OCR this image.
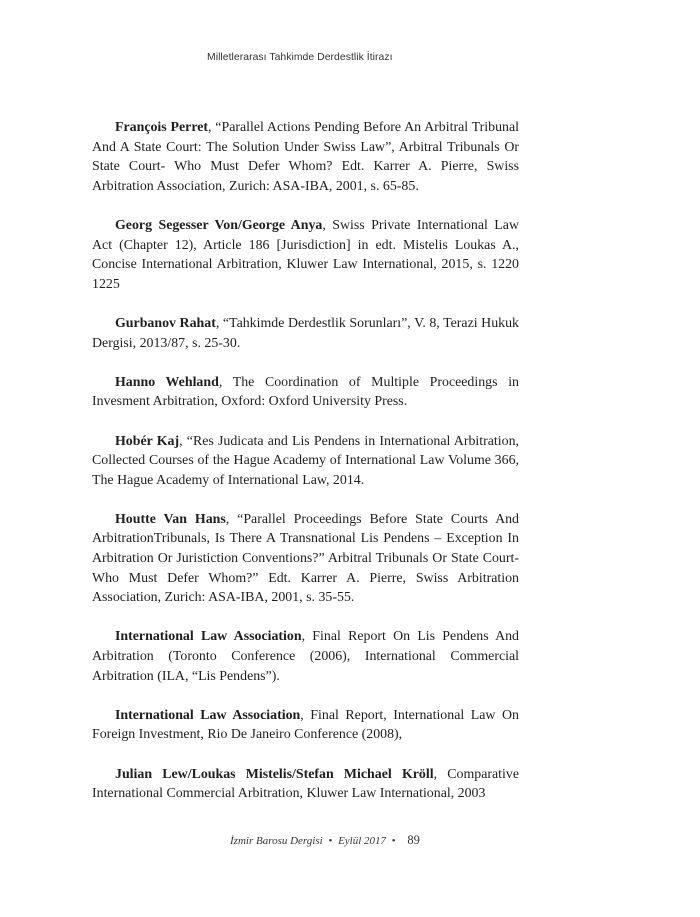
Milletlerarası Tahkimde Derdestlik İtirazı

François Perret, “Parallel Actions Pending Before An Arbitral Tribunal And A State Court: The Solution Under Swiss Law”, Arbitral Tribunals Or State Court- Who Must Defer Whom? Edt. Karrer A. Pierre, Swiss Arbitration Association, Zurich: ASA-IBA, 2001, s. 65-85.

Georg Segesser Von/George Anya, Swiss Private International Law Act (Chapter 12), Article 186 [Jurisdiction] in edt. Mistelis Loukas A., Concise International Arbitration, Kluwer Law International, 2015, s. 1220 1225

Gurbanov Rahat, “Tahkimde Derdestlik Sorunları”, V. 8, Terazi Hukuk Dergisi, 2013/87, s. 25-30.

Hanno Wehland, The Coordination of Multiple Proceedings in Invesment Arbitration, Oxford: Oxford University Press.

Hobér Kaj, “Res Judicata and Lis Pendens in International Arbitration, Collected Courses of the Hague Academy of International Law Volume 366, The Hague Academy of International Law, 2014.

Houtte Van Hans, “Parallel Proceedings Before State Courts And ArbitrationTribunals, Is There A Transnational Lis Pendens – Exception In Arbitration Or Juristiction Conventions?” Arbitral Tribunals Or State Court- Who Must Defer Whom?” Edt. Karrer A. Pierre, Swiss Arbitration Association, Zurich: ASA-IBA, 2001, s. 35-55.

International Law Association, Final Report On Lis Pendens And Arbitration (Toronto Conference (2006), International Commercial Arbitration (ILA, “Lis Pendens”).

International Law Association, Final Report, International Law On Foreign Investment, Rio De Janeiro Conference (2008),

Julian Lew/Loukas Mistelis/Stefan Michael Kröll, Comparative International Commercial Arbitration, Kluwer Law International, 2003

İzmir Barosu Dergisi • Eylül 2017 • 89
